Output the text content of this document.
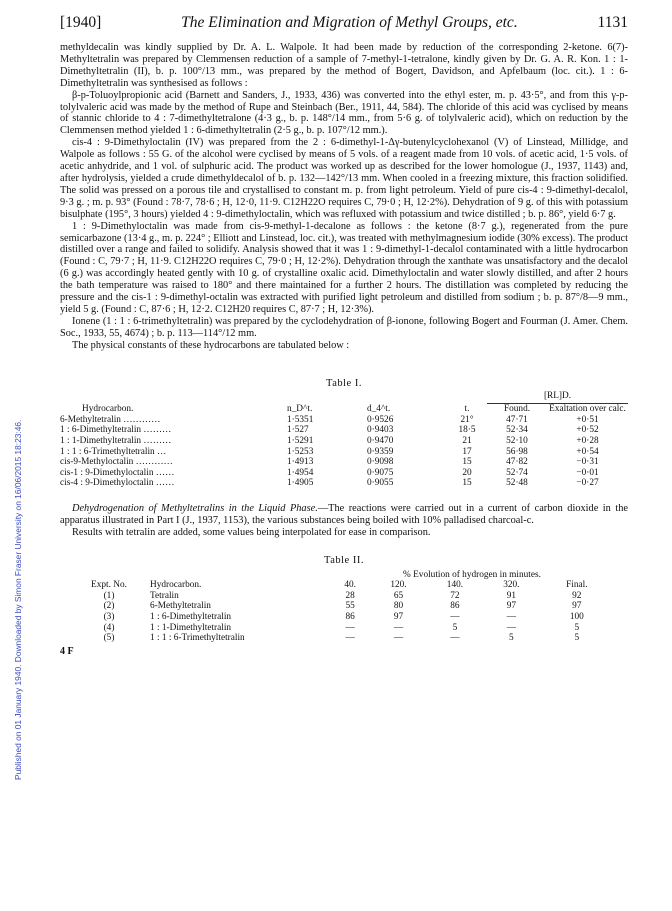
Published on 01 January 1940. Downloaded by Simon Fraser University on 16/06/2015 18:23:46.
[1940]	The Elimination and Migration of Methyl Groups, etc.	1131

methyldecalin was kindly supplied by Dr. A. L. Walpole. It had been made by reduction of the corresponding 2-ketone. 6(7)-Methyltetralin was prepared by Clemmensen reduction of a sample of 7-methyl-1-tetralone, kindly given by Dr. G. A. R. Kon. 1 : 1-Dimethyltetralin (II), b. p. 100°/13 mm., was prepared by the method of Bogert, Davidson, and Apfelbaum (loc. cit.). 1 : 6-Dimethyltetralin was synthesised as follows :

β-p-Toluoylpropionic acid (Barnett and Sanders, J., 1933, 436) was converted into the ethyl ester, m. p. 43·5°, and from this γ-p-tolylvaleric acid was made by the method of Rupe and Steinbach (Ber., 1911, 44, 584). The chloride of this acid was cyclised by means of stannic chloride to 4 : 7-dimethyltetralone (4·3 g., b. p. 148°/14 mm., from 5·6 g. of tolylvaleric acid), which on reduction by the Clemmensen method yielded 1 : 6-dimethyltetralin (2·5 g., b. p. 107°/12 mm.).

cis-4 : 9-Dimethyloctalin (IV) was prepared from the 2 : 6-dimethyl-1-Δγ-butenylcyclohexanol (V) of Linstead, Millidge, and Walpole as follows : 55 G. of the alcohol were cyclised by means of 5 vols. of a reagent made from 10 vols. of acetic acid, 1·5 vols. of acetic anhydride, and 1 vol. of sulphuric acid. The product was worked up as described for the lower homologue (J., 1937, 1143) and, after hydrolysis, yielded a crude dimethyldecalol of b. p. 132—142°/13 mm. When cooled in a freezing mixture, this fraction solidified. The solid was pressed on a porous tile and crystallised to constant m. p. from light petroleum. Yield of pure cis-4 : 9-dimethyl-decalol, 9·3 g. ; m. p. 93° (Found : 78·7, 78·6 ; H, 12·0, 11·9. C12H22O requires C, 79·0 ; H, 12·2%). Dehydration of 9 g. of this with potassium bisulphate (195°, 3 hours) yielded 4 : 9-dimethyloctalin, which was refluxed with potassium and twice distilled ; b. p. 86°, yield 6·7 g.

1 : 9-Dimethyloctalin was made from cis-9-methyl-1-decalone as follows : the ketone (8·7 g.), regenerated from the pure semicarbazone (13·4 g., m. p. 224° ; Elliott and Linstead, loc. cit.), was treated with methylmagnesium iodide (30% excess). The product distilled over a range and failed to solidify. Analysis showed that it was 1 : 9-dimethyl-1-decalol contaminated with a little hydrocarbon (Found : C, 79·7 ; H, 11·9. C12H22O requires C, 79·0 ; H, 12·2%). Dehydration through the xanthate was unsatisfactory and the decalol (6 g.) was accordingly heated gently with 10 g. of crystalline oxalic acid. Dimethyloctalin and water slowly distilled, and after 2 hours the bath temperature was raised to 180° and there maintained for a further 2 hours. The distillation was completed by reducing the pressure and the cis-1 : 9-dimethyl-octalin was extracted with purified light petroleum and distilled from sodium ; b. p. 87°/8—9 mm., yield 5 g. (Found : C, 87·6 ; H, 12·2. C12H20 requires C, 87·7 ; H, 12·3%).

Ionene (1 : 1 : 6-trimethyltetralin) was prepared by the cyclodehydration of β-ionone, following Bogert and Fourman (J. Amer. Chem. Soc., 1933, 55, 4674) ; b. p. 113—114°/12 mm.

The physical constants of these hydrocarbons are tabulated below :

Table I.
				[RL]D.	
Hydrocarbon.	n_D^t.	d_4^t.	t.	Found.	Exaltation over calc.
6-Methyltetralin …………	1·5351	0·9526	21°	47·71	+0·51
1 : 6-Dimethyltetralin ………	1·527	0·9403	18·5	52·34	+0·52
1 : 1-Dimethyltetralin ………	1·5291	0·9470	21	52·10	+0·28
1 : 1 : 6-Trimethyltetralin …	1·5253	0·9359	17	56·98	+0·54
cis-9-Methyloctalin …………	1·4913	0·9098	15	47·82	−0·31
cis-1 : 9-Dimethyloctalin ……	1·4954	0·9075	20	52·74	−0·01
cis-4 : 9-Dimethyloctalin ……	1·4905	0·9055	15	52·48	−0·27

Dehydrogenation of Methyltetralins in the Liquid Phase.—The reactions were carried out in a current of carbon dioxide in the apparatus illustrated in Part I (J., 1937, 1153), the various substances being boiled with 10% palladised charcoal-c.

Results with tetralin are added, some values being interpolated for ease in comparison.

Table II.
		% Evolution of hydrogen in minutes.				
Expt. No.	Hydrocarbon.	40.	120.	140.	320.	Final.
(1)	Tetralin	28	65	72	91	92
(2)	6-Methyltetralin	55	80	86	97	97
(3)	1 : 6-Dimethyltetralin	86	97	—	—	100
(4)	1 : 1-Dimethyltetralin	—	—	5	—	5
(5)	1 : 1 : 6-Trimethyltetralin	—	—	—	5	5
4 F
